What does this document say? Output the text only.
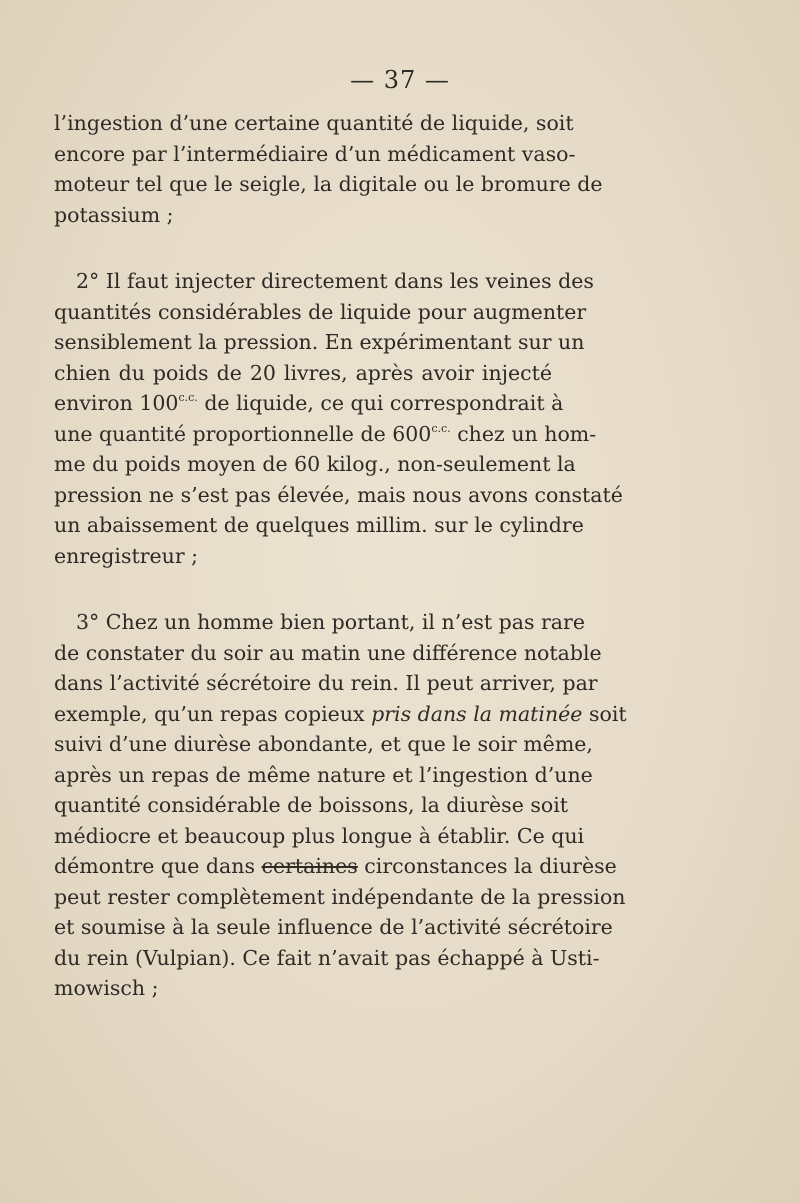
— 37 —
l’ingestion d’une certaine quantité de liquide, soit
encore par l’intermédiaire d’un médicament vaso-
moteur tel que le seigle, la digitale ou le bromure de
potassium ;
2° Il faut injecter directement dans les veines des
quantités considérables de liquide pour augmenter
sensiblement la pression. En expérimentant sur un
chien du poids de 20 livres, après avoir injecté
environ $100^{c.c.}$ de liquide, ce qui correspondrait à
une quantité proportionnelle de $600^{c.c.}$ chez un hom-
me du poids moyen de 60 kilog., non-seulement la
pression ne s’est pas élevée, mais nous avons constaté
un abaissement de quelques millim. sur le cylindre
enregistreur ;
3° Chez un homme bien portant, il n’est pas rare
de constater du soir au matin une différence notable
dans l’activité sécrétoire du rein. Il peut arriver, par
exemple, qu’un repas copieux pris dans la matinée soit
suivi d’une diurèse abondante, et que le soir même,
après un repas de même nature et l’ingestion d’une
quantité considérable de boissons, la diurèse soit
médiocre et beaucoup plus longue à établir. Ce qui
démontre que dans certaines circonstances la diurèse
peut rester complètement indépendante de la pression
et soumise à la seule influence de l’activité sécrétoire
du rein (Vulpian). Ce fait n’avait pas échappé à Usti-
mowisch ;
